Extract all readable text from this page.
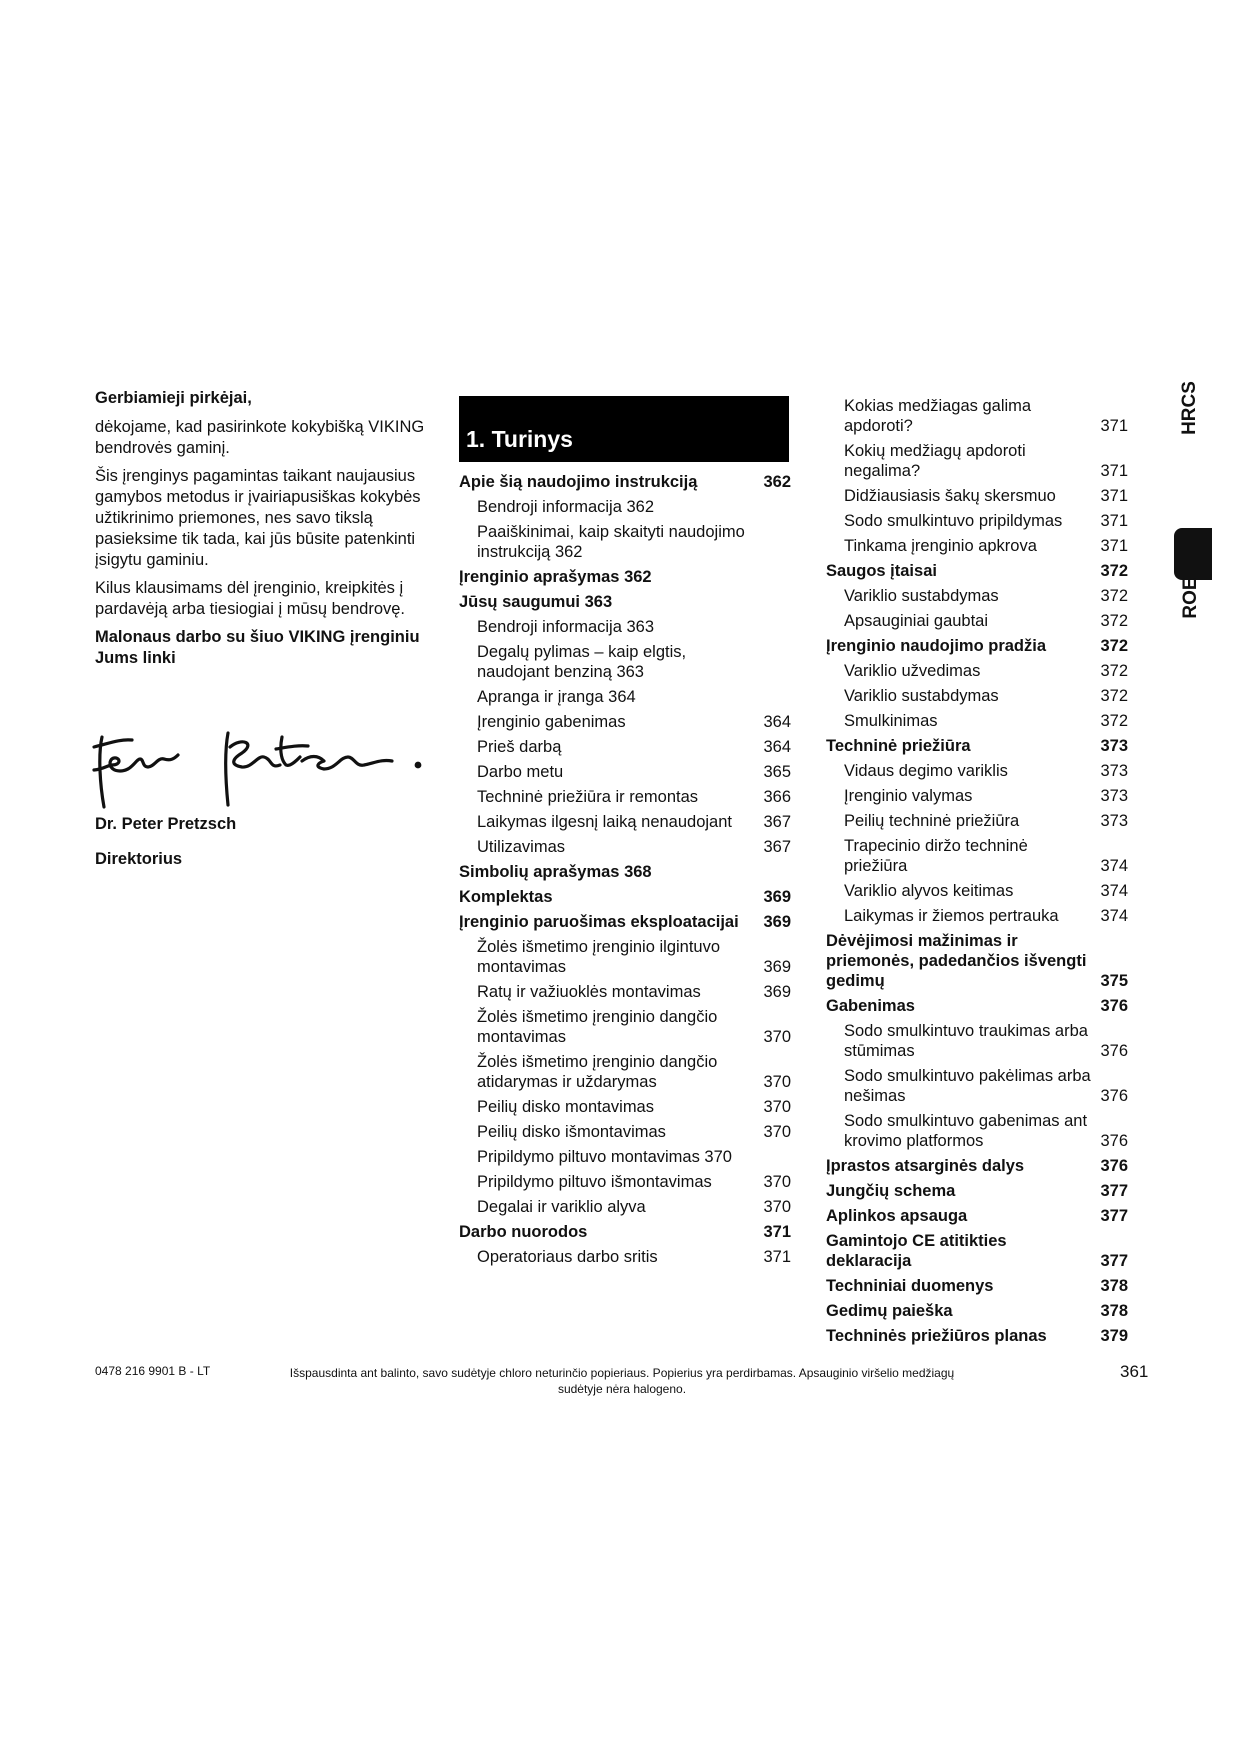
Gerbiamieji pirkėjai,

dėkojame, kad pasirinkote kokybišką VIKING bendrovės gaminį.

Šis įrenginys pagamintas taikant naujausius gamybos metodus ir įvairiapusiškas kokybės užtikrinimo priemones, nes savo tikslą pasieksime tik tada, kai jūs būsite patenkinti įsigytu gaminiu.

Kilus klausimams dėl įrenginio, kreipkitės į pardavėją arba tiesiogiai į mūsų bendrovę.

Malonaus darbo su šiuo VIKING įrenginiu Jums linki

Dr. Peter Pretzsch
Direktorius
1. Turinys
Apie šią naudojimo instrukciją	362
Bendroji informacija 362
Paaiškinimai, kaip skaityti naudojimo instrukciją 362
Įrenginio aprašymas 362
Jūsų saugumui 363
Bendroji informacija 363
Degalų pylimas – kaip elgtis, naudojant benziną 363
Apranga ir įranga 364
Įrenginio gabenimas	364
Prieš darbą	364
Darbo metu	365
Techninė priežiūra ir remontas	366
Laikymas ilgesnį laiką nenaudojant	367
Utilizavimas	367
Simbolių aprašymas 368
Komplektas	369
Įrenginio paruošimas eksploatacijai	369
Žolės išmetimo įrenginio ilgintuvo montavimas	369
Ratų ir važiuoklės montavimas	369
Žolės išmetimo įrenginio dangčio montavimas	370
Žolės išmetimo įrenginio dangčio atidarymas ir uždarymas	370
Peilių disko montavimas	370
Peilių disko išmontavimas	370
Pripildymo piltuvo montavimas 370
Pripildymo piltuvo išmontavimas	370
Degalai ir variklio alyva	370
Darbo nuorodos	371
Operatoriaus darbo sritis	371
Kokias medžiagas galima apdoroti?	371
Kokių medžiagų apdoroti negalima?	371
Didžiausiasis šakų skersmuo	371
Sodo smulkintuvo pripildymas	371
Tinkama įrenginio apkrova	371
Saugos įtaisai	372
Variklio sustabdymas	372
Apsauginiai gaubtai	372
Įrenginio naudojimo pradžia	372
Variklio užvedimas	372
Variklio sustabdymas	372
Smulkinimas	372
Techninė priežiūra	373
Vidaus degimo variklis	373
Įrenginio valymas	373
Peilių techninė priežiūra	373
Trapecinio diržo techninė priežiūra	374
Variklio alyvos keitimas	374
Laikymas ir žiemos pertrauka	374
Dėvėjimosi mažinimas ir priemonės, padedančios išvengti gedimų	375
Gabenimas	376
Sodo smulkintuvo traukimas arba stūmimas	376
Sodo smulkintuvo pakėlimas arba nešimas	376
Sodo smulkintuvo gabenimas ant krovimo platformos	376
Įprastos atsarginės dalys	376
Jungčių schema	377
Aplinkos apsauga	377
Gamintojo CE atitikties deklaracija	377
Techniniai duomenys	378
Gedimų paieška	378
Techninės priežiūros planas	379
HRCS
ROE
0478 216 9901 B - LT	Išspausdinta ant balinto, savo sudėtyje chloro neturinčio popieriaus. Popierius yra perdirbamas. Apsauginio viršelio medžiagų sudėtyje nėra halogeno.
361
